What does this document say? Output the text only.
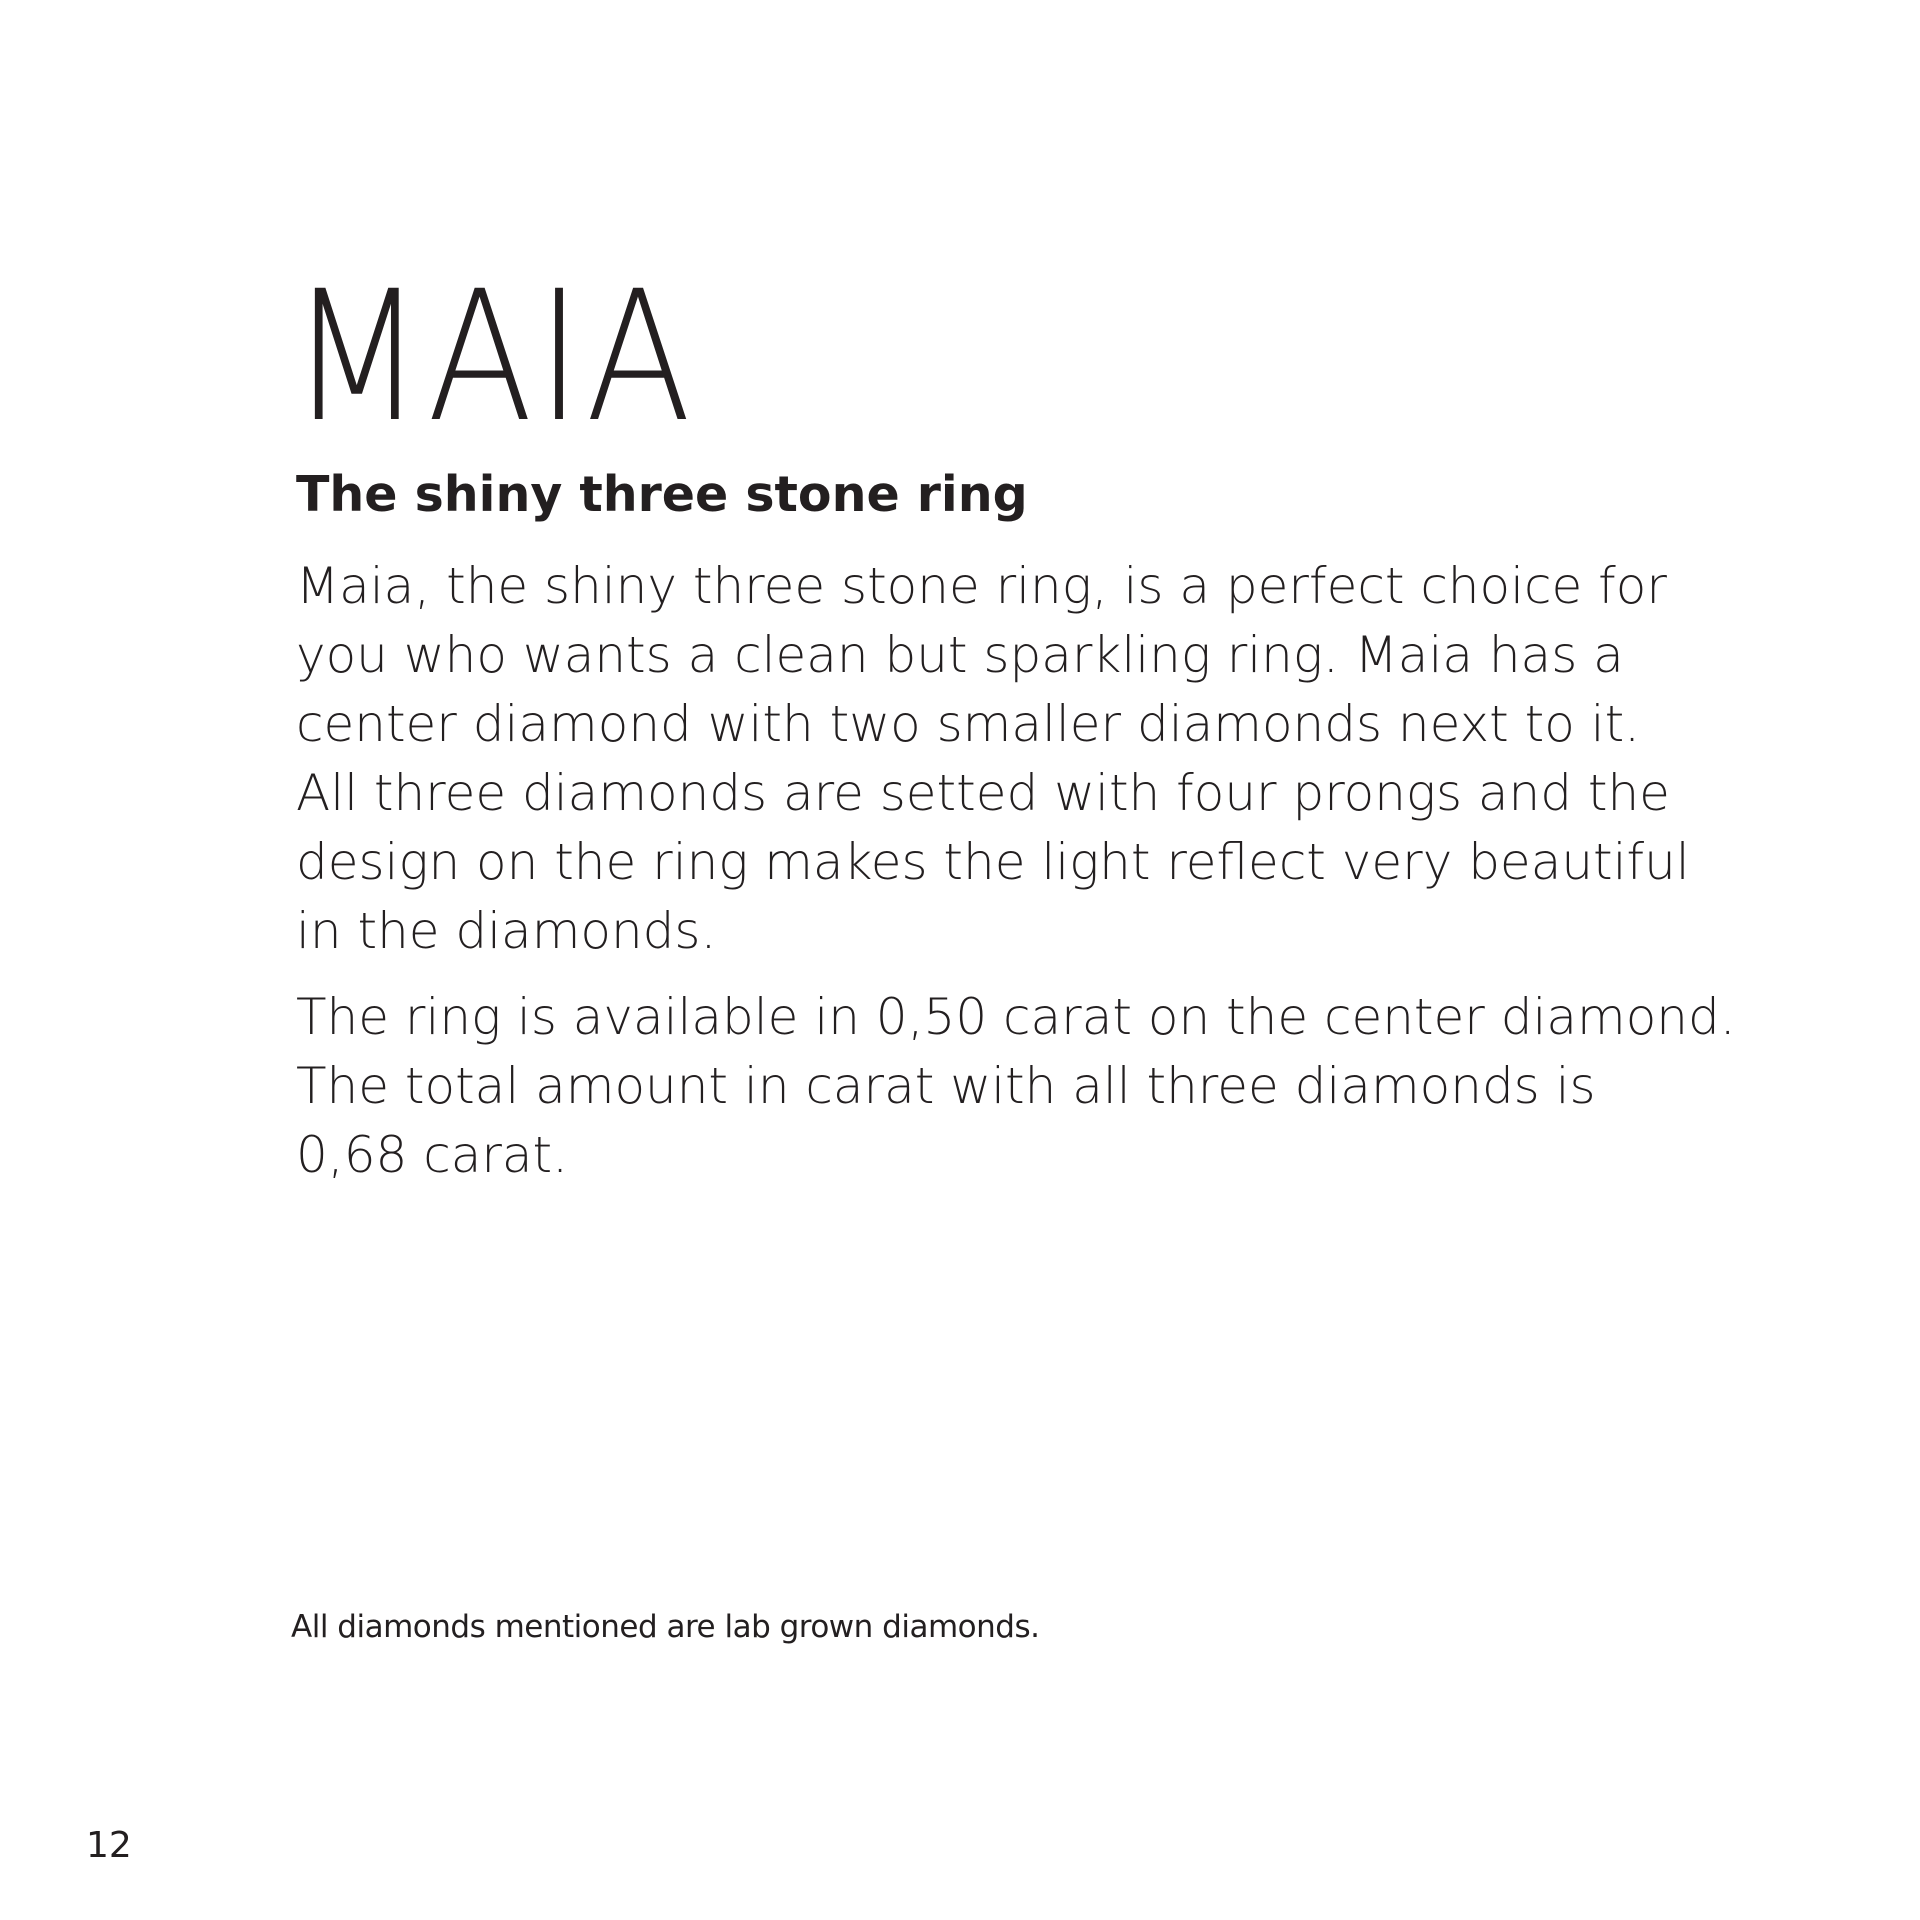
MAIA
The shiny three stone ring

Maia, the shiny three stone ring, is a perfect choice for
you who wants a clean but sparkling ring. Maia has a
center diamond with two smaller diamonds next to it.
All three diamonds are setted with four prongs and the
design on the ring makes the light reflect very beautiful
in the diamonds.

The ring is available in 0,50 carat on the center diamond.
The total amount in carat with all three diamonds is
0,68 carat.

All diamonds mentioned are lab grown diamonds.

12
